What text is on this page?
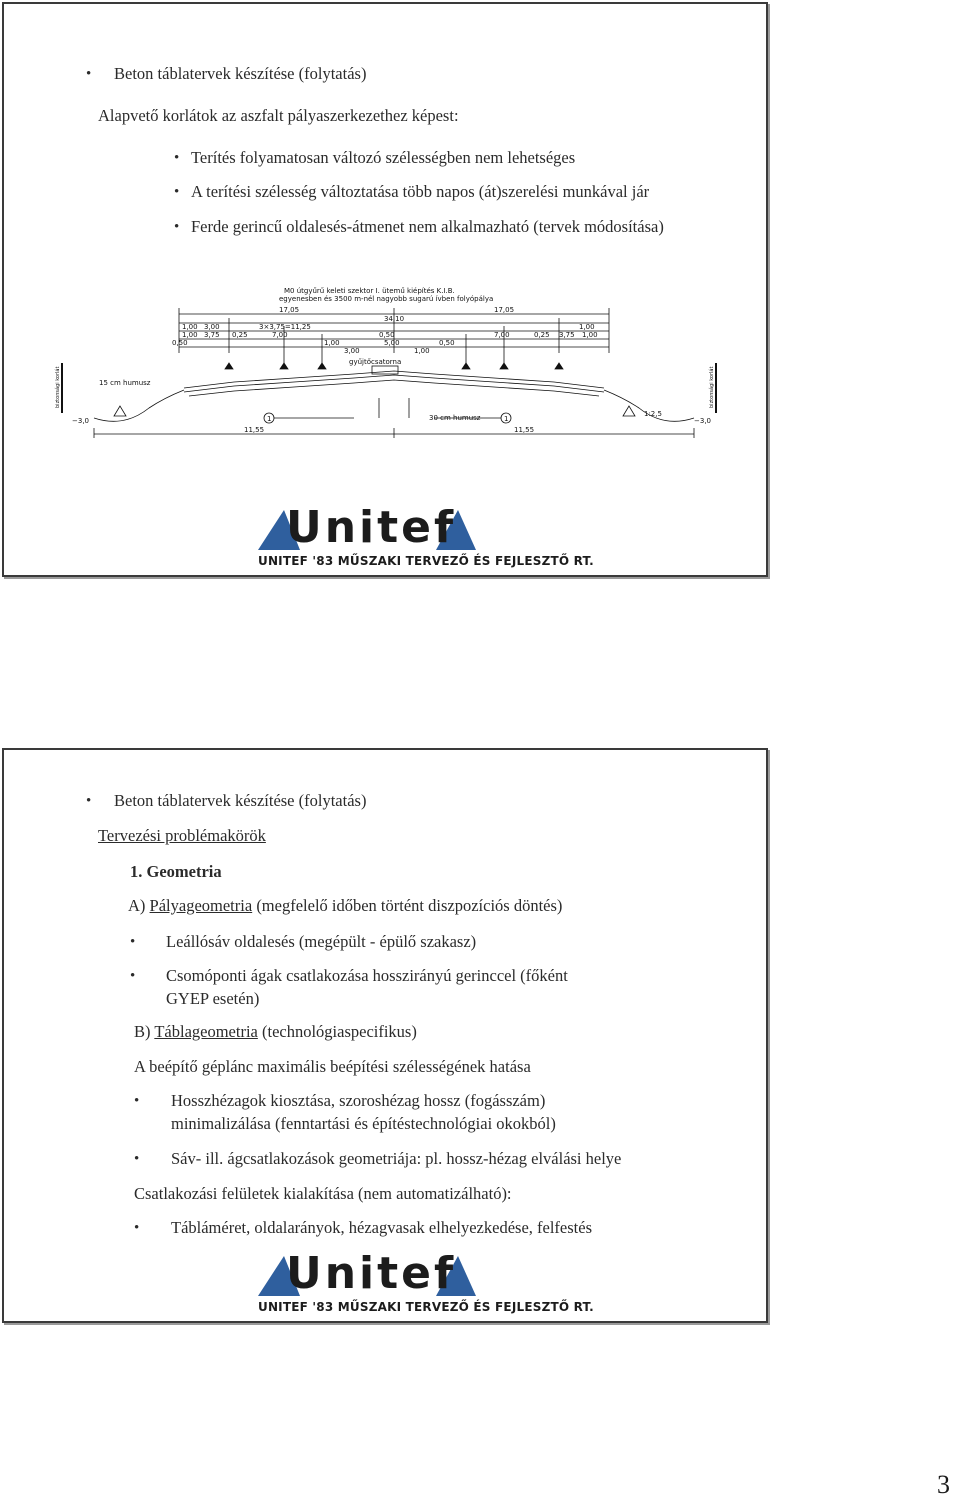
• Beton táblatervek készítése (folytatás)
Alapvető korlátok az aszfalt pályaszerkezethez képest:
• Terítés folyamatosan változó szélességben nem lehetséges
• A terítési szélesség változtatása több napos (át)szerelési munkával jár
• Ferde gerincű oldalesés-átmenet nem alkalmazható (tervek módosítása)
M0 útgyűrű keleti szektor I. ütemű kiépítés K.I.B.
egyenesben és 3500 m-nél nagyobb sugarú ívben folyópálya
17,05	17,05
34,10
1,00 3,00	3×3,75=11,25	1,00
1,00 3,75 0,25	7,00	0,50	7,00	0,25 3,75 1,00
0,50	1,00	5,00	0,50
3,00	1,00
15 cm humusz
−3,0
1:2,5
−3,0
gyűjtőcsatorna
30 cm humusz
11,55	11,55
1	1
biztonsági korlát	biztonsági korlát
Unitef
UNITEF '83 MŰSZAKI TERVEZŐ ÉS FEJLESZTŐ RT.
• Beton táblatervek készítése (folytatás)
Tervezési problémakörök
1. Geometria
A) Pályageometria (megfelelő időben történt diszpozíciós döntés)
• Leállósáv oldalesés (megépült - épülő szakasz)
• Csomóponti ágak csatlakozása hosszirányú gerinccel (főként
GYEP esetén)
B) Táblageometria (technológiaspecifikus)
A beépítő géplánc maximális beépítési szélességének hatása
• Hosszhézagok kiosztása, szoroshézag hossz (fogásszám)
minimalizálása (fenntartási és építéstechnológiai okokból)
• Sáv- ill. ágcsatlakozások geometriája: pl. hossz-hézag elválási helye
Csatlakozási felületek kialakítása (nem automatizálható):
• Tábláméret, oldalarányok, hézagvasak elhelyezkedése, felfestés
Unitef
UNITEF '83 MŰSZAKI TERVEZŐ ÉS FEJLESZTŐ RT.
3
